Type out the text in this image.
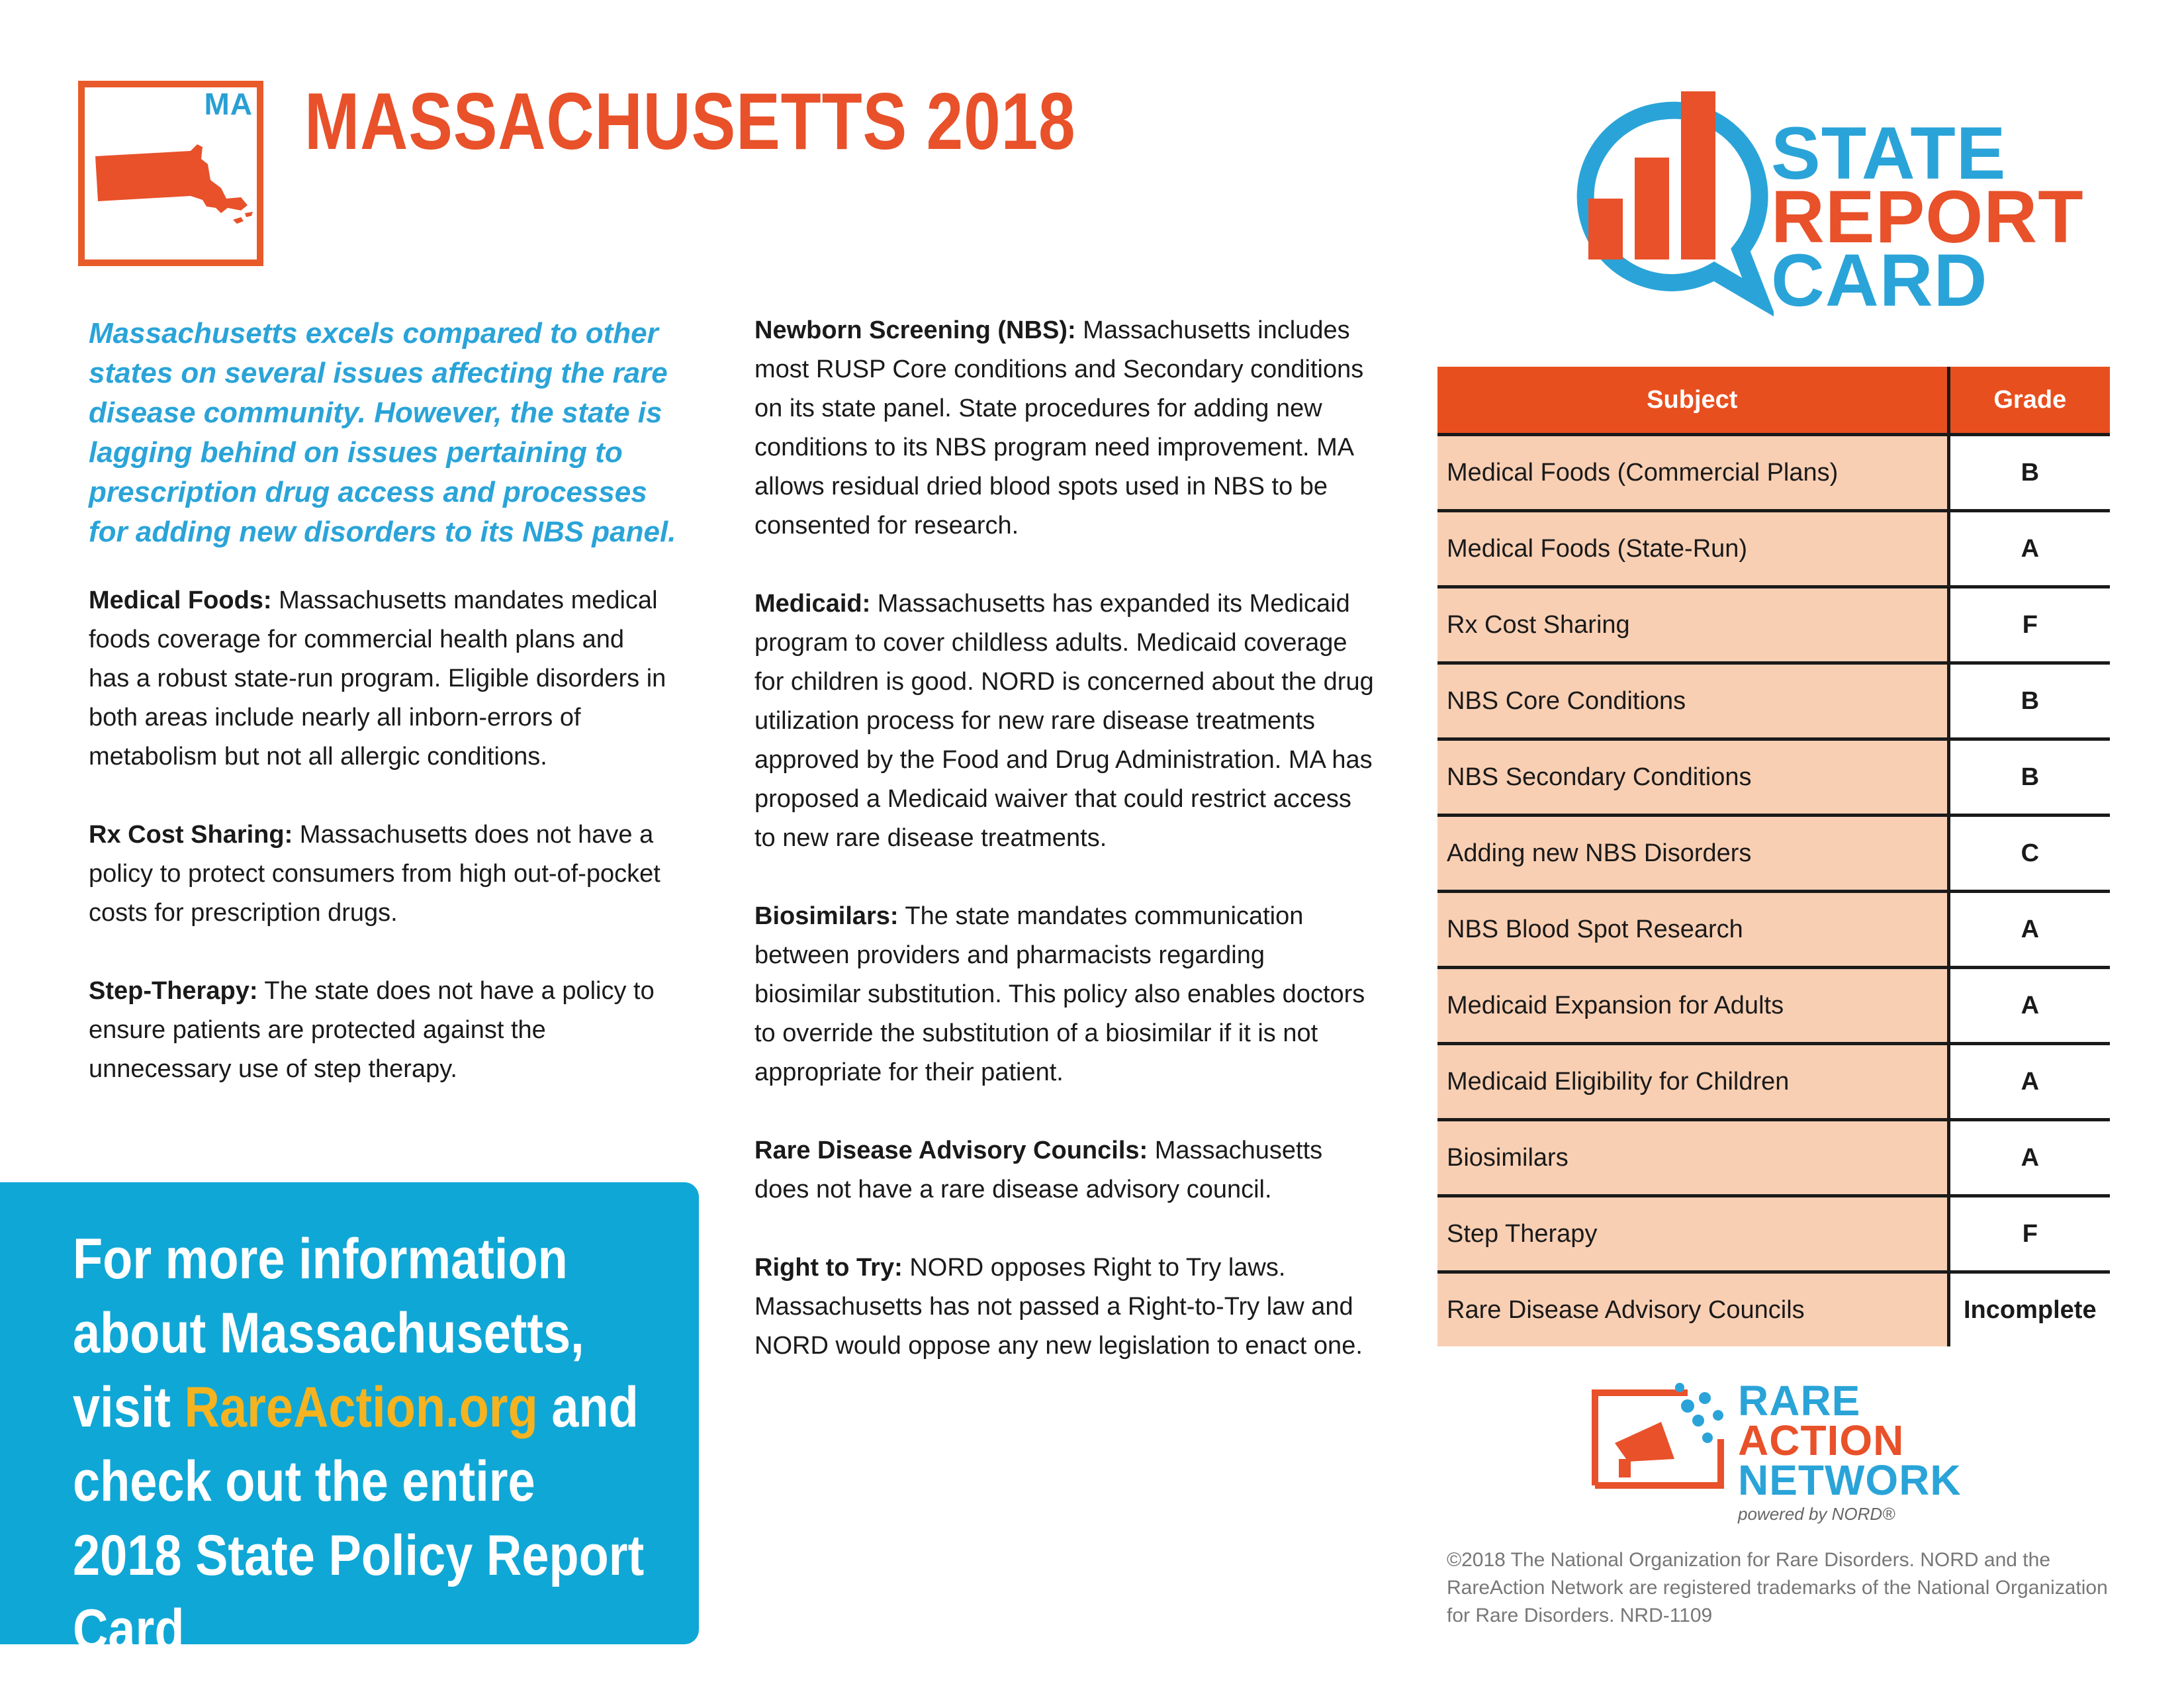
MA MASSACHUSETTS 2018	STATE
REPORT
CARD
Massachusetts excels compared to other states on several issues affecting the rare disease community. However, the state is lagging behind on issues pertaining to prescription drug access and processes for adding new disorders to its NBS panel.
Medical Foods: Massachusetts mandates medical foods coverage for commercial health plans and has a robust state-run program. Eligible disorders in both areas include nearly all inborn-errors of metabolism but not all allergic conditions.
Rx Cost Sharing: Massachusetts does not have a policy to protect consumers from high out-of-pocket costs for prescription drugs.
Step-Therapy: The state does not have a policy to ensure patients are protected against the unnecessary use of step therapy.
Newborn Screening (NBS): Massachusetts includes most RUSP Core conditions and Secondary conditions on its state panel. State procedures for adding new conditions to its NBS program need improvement. MA allows residual dried blood spots used in NBS to be consented for research.
Medicaid: Massachusetts has expanded its Medicaid program to cover childless adults. Medicaid coverage for children is good. NORD is concerned about the drug utilization process for new rare disease treatments approved by the Food and Drug Administration. MA has proposed a Medicaid waiver that could restrict access to new rare disease treatments.
Biosimilars: The state mandates communication between providers and pharmacists regarding biosimilar substitution. This policy also enables doctors to override the substitution of a biosimilar if it is not appropriate for their patient.
Rare Disease Advisory Councils: Massachusetts does not have a rare disease advisory council.
Right to Try: NORD opposes Right to Try laws. Massachusetts has not passed a Right-to-Try law and NORD would oppose any new legislation to enact one.
For more information about Massachusetts, visit RareAction.org and check out the entire 2018 State Policy Report Card
Subject	Grade
Medical Foods (Commercial Plans)	B
Medical Foods (State-Run)	A
Rx Cost Sharing	F
NBS Core Conditions	B
NBS Secondary Conditions	B
Adding new NBS Disorders	C
NBS Blood Spot Research	A
Medicaid Expansion for Adults	A
Medicaid Eligibility for Children	A
Biosimilars	A
Step Therapy	F
Rare Disease Advisory Councils	Incomplete
RARE
ACTION
NETWORK
powered by NORD®
©2018 The National Organization for Rare Disorders. NORD and the RareAction Network are registered trademarks of the National Organization for Rare Disorders. NRD-1109
